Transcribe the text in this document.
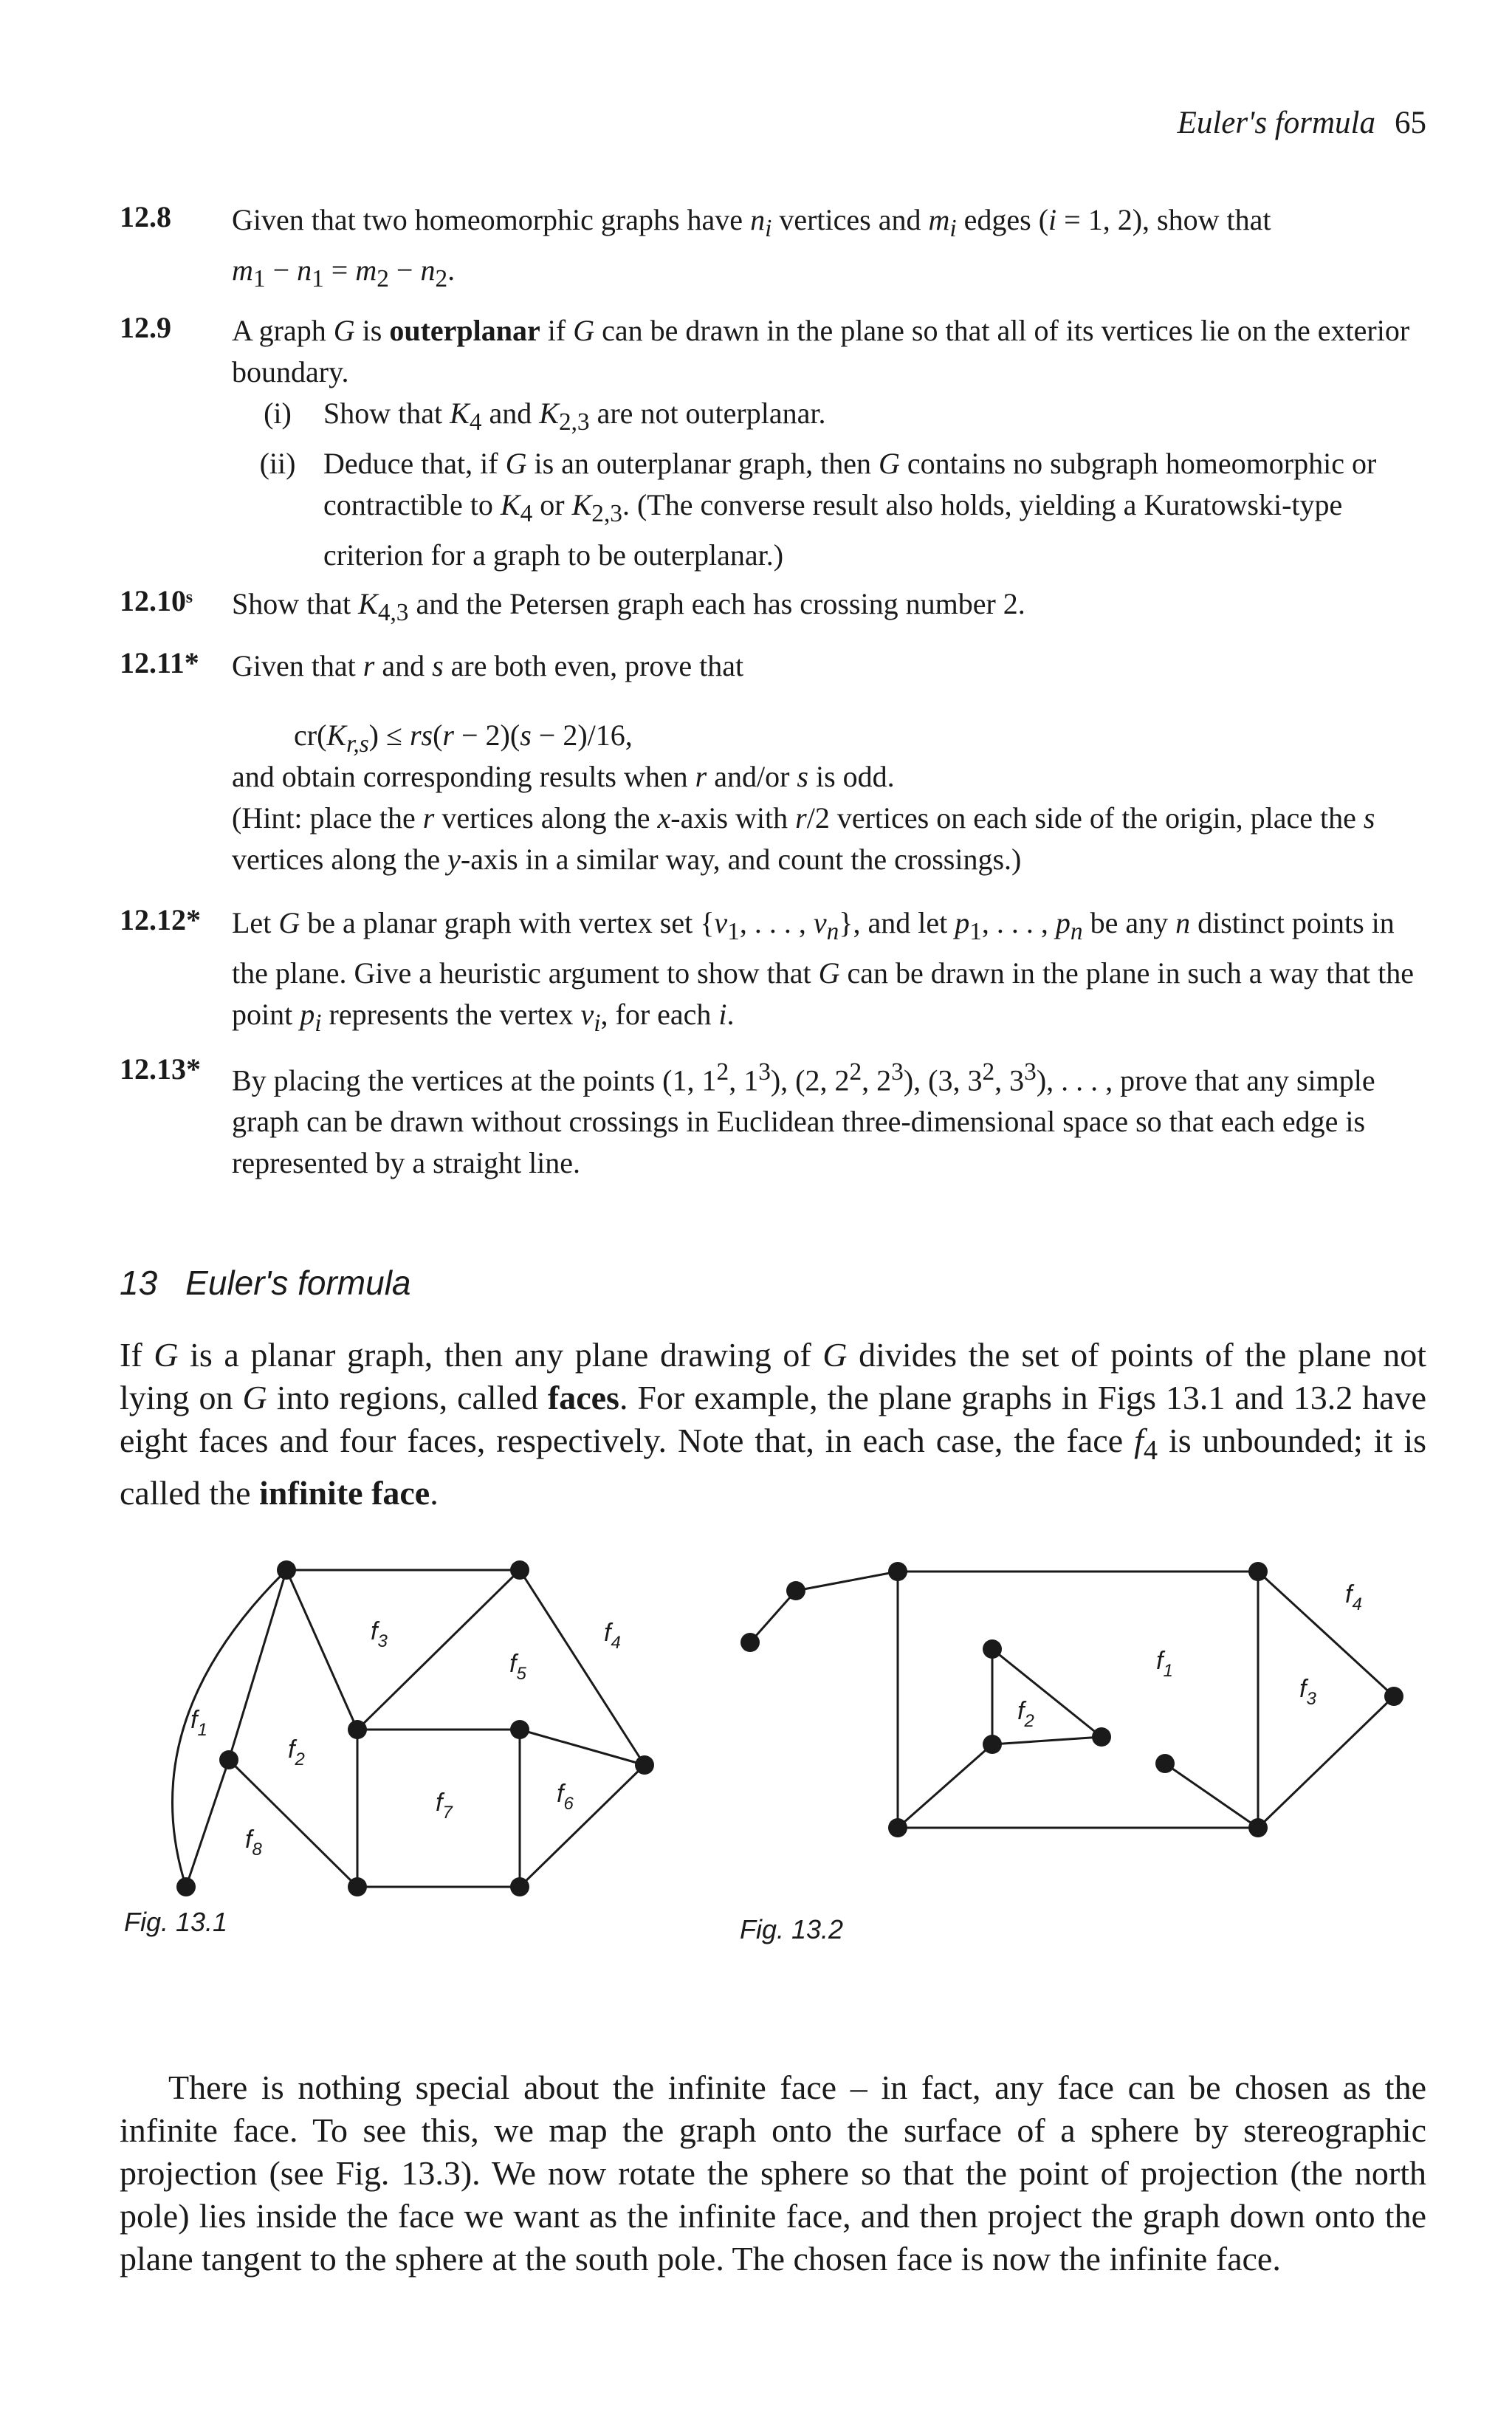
Euler's formula 65
12.8 Given that two homeomorphic graphs have $n_i$ vertices and $m_i$ edges (i = 1, 2), show that
$m_1 - n_1 = m_2 - n_2$.
12.9 A graph G is outerplanar if G can be drawn in the plane so that all of its vertices lie on the exterior boundary.
(i)	Show that $K_4$ and $K_{2,3}$ are not outerplanar.
(ii) Deduce that, if G is an outerplanar graph, then G contains no subgraph homeomorphic or contractible to $K_4$ or $K_{2,3}$. (The converse result also holds, yielding a Kuratowski-type criterion for a graph to be outerplanar.)
12.10ˢ Show that $K_{4,3}$ and the Petersen graph each has crossing number 2.
12.11* Given that r and s are both even, prove that
$cr(K_{r,s}) \le rs(r - 2)(s - 2)/16$,
and obtain corresponding results when r and/or s is odd.
(Hint: place the r vertices along the x-axis with r/2 vertices on each side of the origin, place the s vertices along the y-axis in a similar way, and count the crossings.)
12.12* Let G be a planar graph with vertex set {$v_1$, . . . , $v_n$}, and let $p_1$, . . . , $p_n$ be any n distinct points in the plane. Give a heuristic argument to show that G can be drawn in the plane in such a way that the point $p_i$ represents the vertex $v_i$, for each i.
12.13* By placing the vertices at the points (1, $1^2$, $1^3$), (2, $2^2$, $2^3$), (3, $3^2$, $3^3$), . . . , prove that any simple graph can be drawn without crossings in Euclidean three-dimensional space so that each edge is represented by a straight line.
13 Euler's formula

If G is a planar graph, then any plane drawing of G divides the set of points of the plane not lying on G into regions, called faces. For example, the plane graphs in Figs 13.1 and 13.2 have eight faces and four faces, respectively. Note that, in each case, the face $f_4$ is unbounded; it is called the infinite face.

$f_1$
$f_2$
$f_3$	$f_4$
$f_5$
$f_6$
$f_7$
$f_8$
Fig. 13.1
$f_1$
$f_2$
$f_3$
$f_4$
Fig. 13.2

There is nothing special about the infinite face – in fact, any face can be chosen as the infinite face. To see this, we map the graph onto the surface of a sphere by stereographic projection (see Fig. 13.3). We now rotate the sphere so that the point of projection (the north pole) lies inside the face we want as the infinite face, and then project the graph down onto the plane tangent to the sphere at the south pole. The chosen face is now the infinite face.
